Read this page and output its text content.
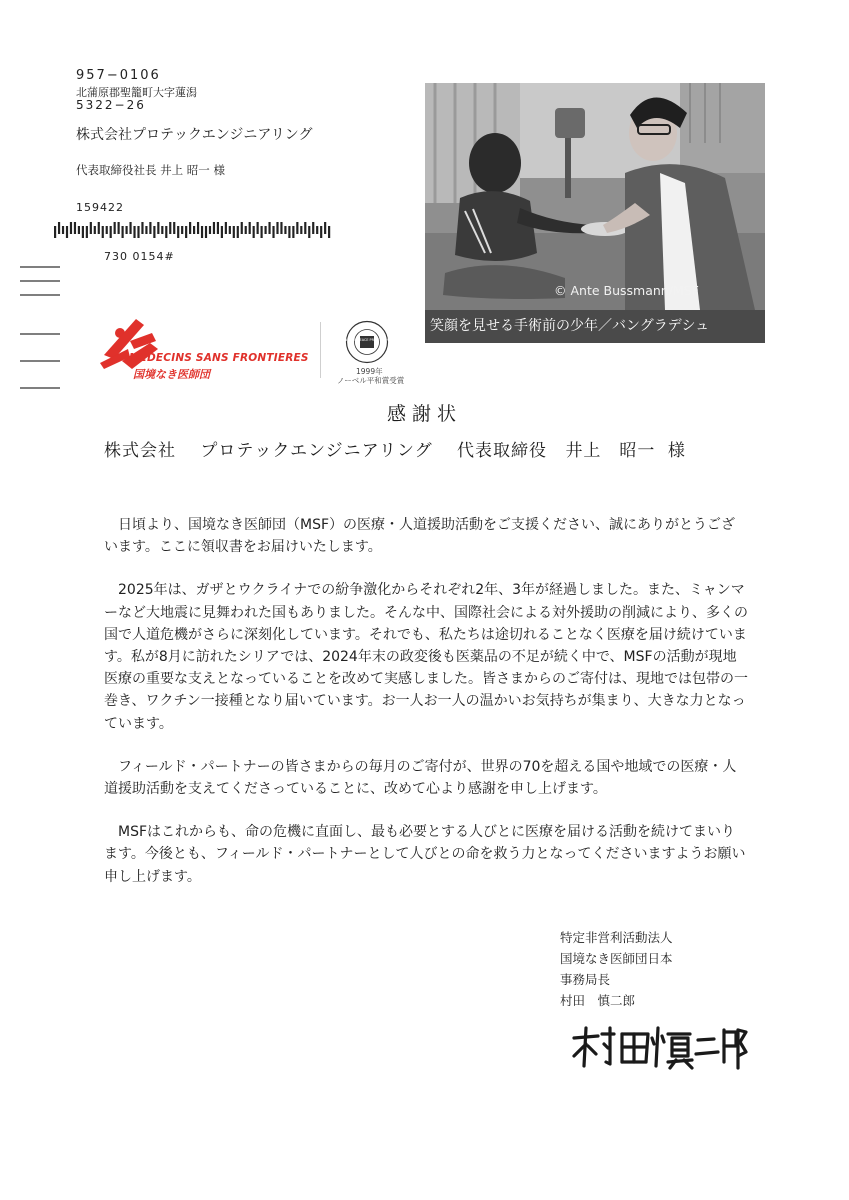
957−0106
北蒲原郡聖籠町大字蓮潟
5322−26
株式会社プロテックエンジニアリング
代表取締役社長 井上 昭一 様
159422
730 0154#
© Ante Bussmann/MSF
笑顔を見せる手術前の少年／バングラデシュ
MEDECINS SANS FRONTIERES
国境なき医師団
NOBEL PEACE PRIZE 1999
1999年
ノーベル平和賞受賞
感謝状
株式会社 プロテックエンジニアリング 代表取締役 井上　昭一 様

日頃より、国境なき医師団（MSF）の医療・人道援助活動をご支援ください、誠にありがとうございます。ここに領収書をお届けいたします。

2025年は、ガザとウクライナでの紛争激化からそれぞれ2年、3年が経過しました。また、ミャンマーなど大地震に見舞われた国もありました。そんな中、国際社会による対外援助の削減により、多くの国で人道危機がさらに深刻化しています。それでも、私たちは途切れることなく医療を届け続けています。私が8月に訪れたシリアでは、2024年末の政変後も医薬品の不足が続く中で、MSFの活動が現地医療の重要な支えとなっていることを改めて実感しました。皆さまからのご寄付は、現地では包帯の一巻き、ワクチン一接種となり届いています。お一人お一人の温かいお気持ちが集まり、大きな力となっています。

フィールド・パートナーの皆さまからの毎月のご寄付が、世界の70を超える国や地域での医療・人道援助活動を支えてくださっていることに、改めて心より感謝を申し上げます。

MSFはこれからも、命の危機に直面し、最も必要とする人びとに医療を届ける活動を続けてまいります。今後とも、フィールド・パートナーとして人びとの命を救う力となってくださいますようお願い申し上げます。

特定非営利活動法人
国境なき医師団日本
事務局長
村田　慎二郎
